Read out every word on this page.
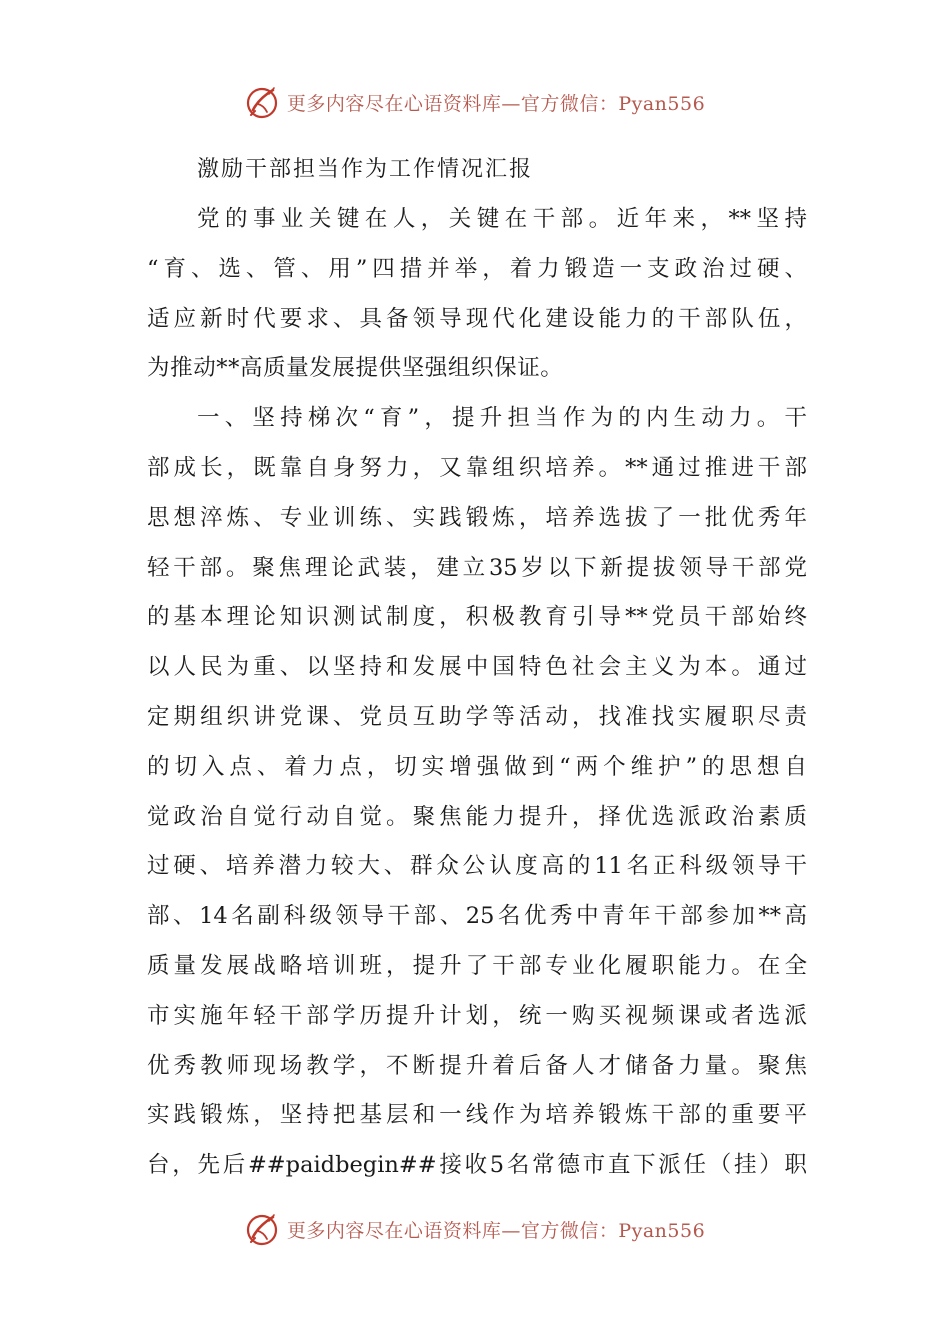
更多内容尽在心语资料库—官方微信：Pyan556
激励干部担当作为工作情况汇报
党的事业关键在人，关键在干部。近年来，**坚持
“育、选、管、用”四措并举，着力锻造一支政治过硬、
适应新时代要求、具备领导现代化建设能力的干部队伍，
为推动**高质量发展提供坚强组织保证。
一、坚持梯次“育”，提升担当作为的内生动力。干
部成长，既靠自身努力，又靠组织培养。**通过推进干部
思想淬炼、专业训练、实践锻炼，培养选拔了一批优秀年
轻干部。聚焦理论武装，建立35岁以下新提拔领导干部党
的基本理论知识测试制度，积极教育引导**党员干部始终
以人民为重、以坚持和发展中国特色社会主义为本。通过
定期组织讲党课、党员互助学等活动，找准找实履职尽责
的切入点、着力点，切实增强做到“两个维护”的思想自
觉政治自觉行动自觉。聚焦能力提升，择优选派政治素质
过硬、培养潜力较大、群众公认度高的11名正科级领导干
部、14名副科级领导干部、25名优秀中青年干部参加**高
质量发展战略培训班，提升了干部专业化履职能力。在全
市实施年轻干部学历提升计划，统一购买视频课或者选派
优秀教师现场教学，不断提升着后备人才储备力量。聚焦
实践锻炼，坚持把基层和一线作为培养锻炼干部的重要平
台，先后##paidbegin##接收5名常德市直下派任（挂）职
更多内容尽在心语资料库—官方微信：Pyan556
